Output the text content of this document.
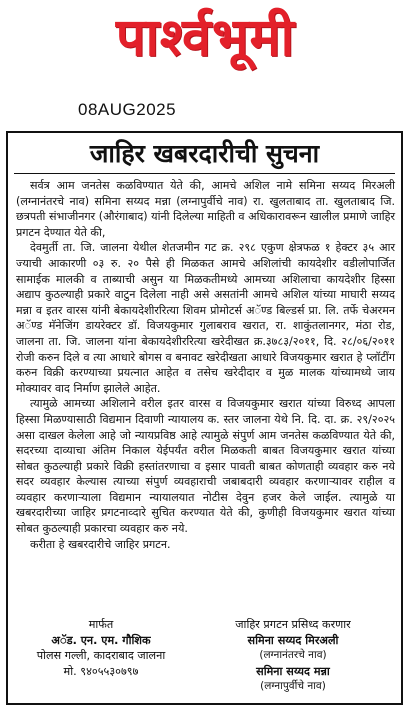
पार्श्वभूमी
08AUG2025
जाहिर खबरदारीची सुचना

सर्वत्र आम जनतेस कळविण्यात येते की, आमचे अशिल नामे समिना सय्यद मिरअली (लग्नानंतरचे नाव) समिना सय्यद मन्ना (लग्नापुर्वीचे नाव) रा. खुलताबाद ता. खुलताबाद जि. छत्रपती संभाजीनगर (औरंगाबाद) यांनी दिलेल्या माहिती व अधिकारावरून खालील प्रमाणे जाहिर प्रगटन देण्यात येते की,

देवमुर्ती ता. जि. जालना येथील शेतजमीन गट क्र. २९८ एकुण क्षेत्रफळ १ हेक्टर ३५ आर ज्याची आकारणी ०३ रु. २० पैसे ही मिळकत आमचे अशिलांची कायदेशीर वडीलोपार्जित सामाईक मालकी व ताब्याची असुन या मिळकतीमध्ये आमच्या अशिलाचा कायदेशीर हिस्सा अद्याप कुठल्याही प्रकारे वाटुन दिलेला नाही असे असतांनी आमचे अशिल यांच्या माघारी सय्यद मन्ना व इतर वारस यांनी बेकायदेशीररित्या शिवम प्रोमोटर्स अॅण्ड बिल्डर्स प्रा. लि. तर्फे चेअरमन अॅण्ड मॅनेजिंग डायरेक्टर डॉ. विजयकुमार गुलाबराव खरात, रा. शाकुंतलानगर, मंठा रोड, जालना ता. जि. जालना यांना बेकायदेशीररित्या खरेदीखत क्र.३७८३/२०११, दि. २८/०६/२०११ रोजी करुन दिले व त्या आधारे बोगस व बनावट खरेदीखता आधारे विजयकुमार खरात हे प्लॉटींग करुन विक्री करण्याच्या प्रयत्नात आहेत व तसेच खरेदीदार व मुळ मालक यांच्यामध्ये जाय मोक्यावर वाद निर्माण झालेले आहेत.

त्यामुळे आमच्या अशिलाने वरील इतर वारस व विजयकुमार खरात यांच्या विरुध्द आपला हिस्सा मिळण्यासाठी विद्यमान दिवाणी न्यायालय क. स्तर जालना येथे नि. दि. दा. क्र. २९/२०२५ असा दाखल केलेला आहे जो न्यायप्रविष्ठ आहे त्यामुळे संपुर्ण आम जनतेस कळविण्यात येते की, सदरच्या दाव्याचा अंतिम निकाल येईपर्यंत वरील मिळकती बाबत विजयकुमार खरात यांच्या सोबत कुठल्याही प्रकारे विक्री हस्तांतरणाचा व इसार पावती बाबत कोणताही व्यवहार करु नये सदर व्यवहार केल्यास त्याच्या संपुर्ण व्यवहाराची जबाबदारी व्यवहार करणाऱ्यावर राहील व व्यवहार करणाऱ्याला विद्यमान न्यायालयात नोटीस देवुन हजर केले जाईल. त्यामुळे या खबरदारीच्या जाहिर प्रगटनाव्दारे सुचित करण्यात येते की, कुणीही विजयकुमार खरात यांच्या सोबत कुठल्याही प्रकारचा व्यवहार करु नये.

करीता हे खबरदारीचे जाहिर प्रगटन.
मार्फत
अॅड. एन. एम. गौशिक
पोलस गल्ली, कादराबाद जालना
मो. ९४०५५३०७९७
जाहिर प्रगटन प्रसिध्द करणार
समिना सय्यद मिरअली
(लग्नानंतरचे नाव)
समिना सय्यद मन्ना
(लग्नापुर्वीचे नाव)
